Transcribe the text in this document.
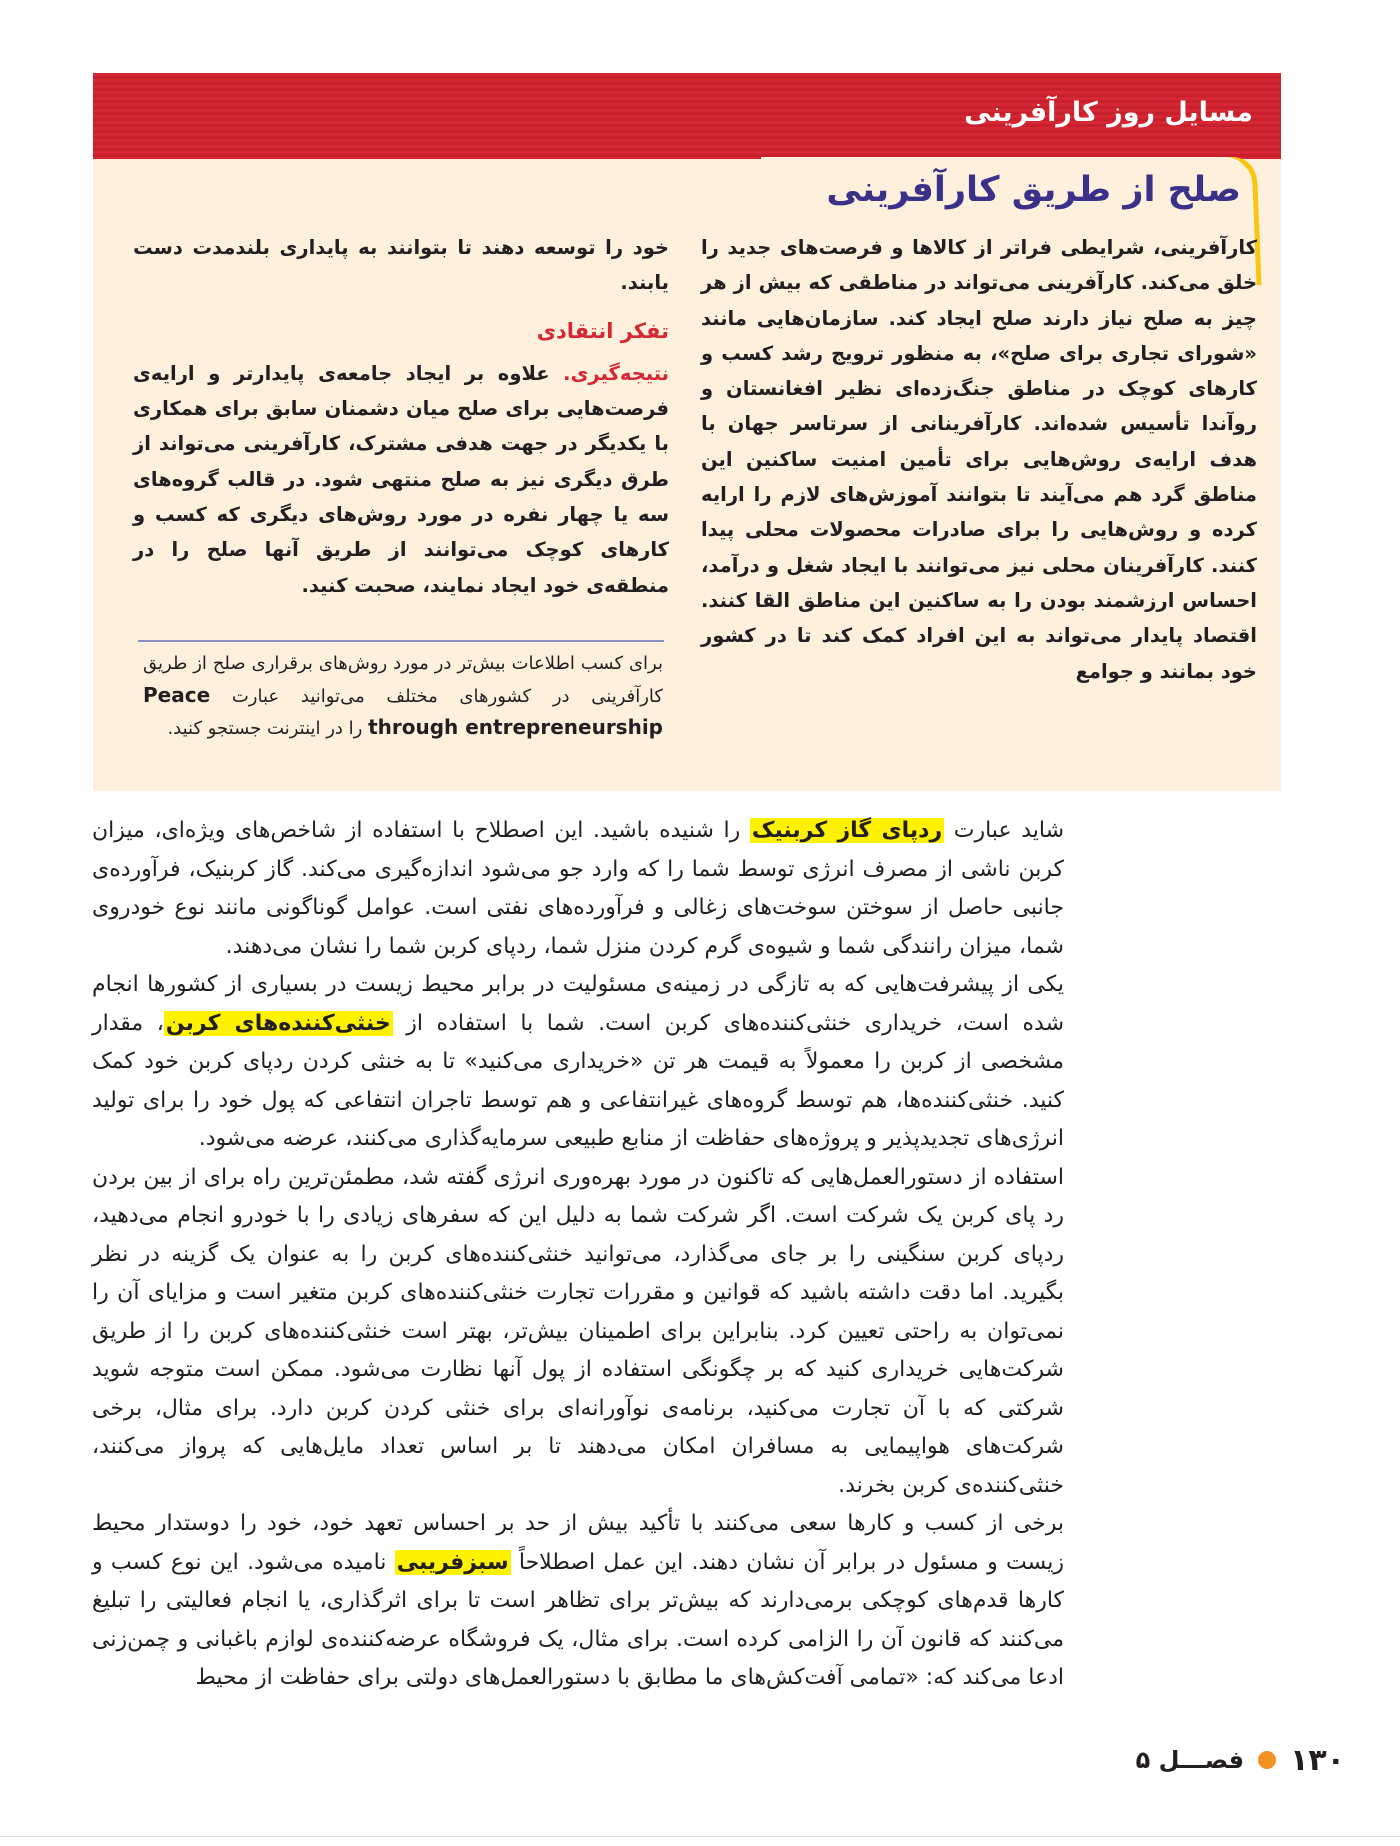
مسایل روز کارآفرینی
صلح از طریق کارآفرینی

کارآفرینی، شرایطی فراتر از کالاها و فرصت‌های جدید را خلق می‌کند. کارآفرینی می‌تواند در مناطقی که بیش از هر چیز به صلح نیاز دارند صلح ایجاد کند. سازمان‌هایی مانند «شورای تجاری برای صلح»، به منظور ترویج رشد کسب و کارهای کوچک در مناطق جنگ‌زده‌ای نظیر افغانستان و روآندا تأسیس شده‌اند. کارآفرینانی از سرتاسر جهان با هدف ارایه‌ی روش‌هایی برای تأمین امنیت ساکنین این مناطق گرد هم می‌آیند تا بتوانند آموزش‌های لازم را ارایه کرده و روش‌هایی را برای صادرات محصولات محلی پیدا کنند. کارآفرینان محلی نیز می‌توانند با ایجاد شغل و درآمد، احساس ارزشمند بودن را به ساکنین این مناطق القا کنند. اقتصاد پایدار می‌تواند به این افراد کمک کند تا در کشور خود بمانند و جوامع

خود را توسعه دهند تا بتوانند به پایداری بلندمدت دست یابند.

تفکر انتقادی

نتیجه‌گیری. علاوه بر ایجاد جامعه‌ی پایدارتر و ارایه‌ی فرصت‌هایی برای صلح میان دشمنان سابق برای همکاری با یکدیگر در جهت هدفی مشترک، کارآفرینی می‌تواند از طرق دیگری نیز به صلح منتهی شود. در قالب گروه‌های سه یا چهار نفره در مورد روش‌های دیگری که کسب و کارهای کوچک می‌توانند از طریق آنها صلح را در منطقه‌ی خود ایجاد نمایند، صحبت کنید.

برای کسب اطلاعات بیش‌تر در مورد روش‌های برقراری صلح از طریق کارآفرینی در کشورهای مختلف می‌توانید عبارت Peace through entrepreneurship را در اینترنت جستجو کنید.

شاید عبارت ردپای گاز کربنیک را شنیده باشید. این اصطلاح با استفاده از شاخص‌های ویژه‌ای، میزان کربن ناشی از مصرف انرژی توسط شما را که وارد جو می‌شود اندازه‌گیری می‌کند. گاز کربنیک، فرآورده‌ی جانبی حاصل از سوختن سوخت‌های زغالی و فرآورده‌های نفتی است. عوامل گوناگونی مانند نوع خودروی شما، میزان رانندگی شما و شیوه‌ی گرم کردن منزل شما، ردپای کربن شما را نشان می‌دهند.

یکی از پیشرفت‌هایی که به تازگی در زمینه‌ی مسئولیت در برابر محیط زیست در بسیاری از کشورها انجام شده است، خریداری خنثی‌کننده‌های کربن است. شما با استفاده از خنثی‌کننده‌های کربن، مقدار مشخصی از کربن را معمولاً به قیمت هر تن «خریداری می‌کنید» تا به خنثی کردن ردپای کربن خود کمک کنید. خنثی‌کننده‌ها، هم توسط گروه‌های غیرانتفاعی و هم توسط تاجران انتفاعی که پول خود را برای تولید انرژی‌های تجدیدپذیر و پروژه‌های حفاظت از منابع طبیعی سرمایه‌گذاری می‌کنند، عرضه می‌شود.

استفاده از دستورالعمل‌هایی که تاکنون در مورد بهره‌وری انرژی گفته شد، مطمئن‌ترین راه برای از بین بردن رد پای کربن یک شرکت است. اگر شرکت شما به دلیل این که سفرهای زیادی را با خودرو انجام می‌دهید، ردپای کربن سنگینی را بر جای می‌گذارد، می‌توانید خنثی‌کننده‌های کربن را به عنوان یک گزینه در نظر بگیرید. اما دقت داشته باشید که قوانین و مقررات تجارت خنثی‌کننده‌های کربن متغیر است و مزایای آن را نمی‌توان به راحتی تعیین کرد. بنابراین برای اطمینان بیش‌تر، بهتر است خنثی‌کننده‌های کربن را از طریق شرکت‌هایی خریداری کنید که بر چگونگی استفاده از پول آنها نظارت می‌شود. ممکن است متوجه شوید شرکتی که با آن تجارت می‌کنید، برنامه‌ی نوآورانه‌ای برای خنثی کردن کربن دارد. برای مثال، برخی شرکت‌های هواپیمایی به مسافران امکان می‌دهند تا بر اساس تعداد مایل‌هایی که پرواز می‌کنند، خنثی‌کننده‌ی کربن بخرند.

برخی از کسب و کارها سعی می‌کنند با تأکید بیش از حد بر احساس تعهد خود، خود را دوستدار محیط زیست و مسئول در برابر آن نشان دهند. این عمل اصطلاحاً سبزفریبی نامیده می‌شود. این نوع کسب و کارها قدم‌های کوچکی برمی‌دارند که بیش‌تر برای تظاهر است تا برای اثرگذاری، یا انجام فعالیتی را تبلیغ می‌کنند که قانون آن را الزامی کرده است. برای مثال، یک فروشگاه عرضه‌کننده‌ی لوازم باغبانی و چمن‌زنی ادعا می‌کند که: «تمامی آفت‌کش‌های ما مطابق با دستورالعمل‌های دولتی برای حفاظت از محیط

۱۳۰
فصـــل ۵
